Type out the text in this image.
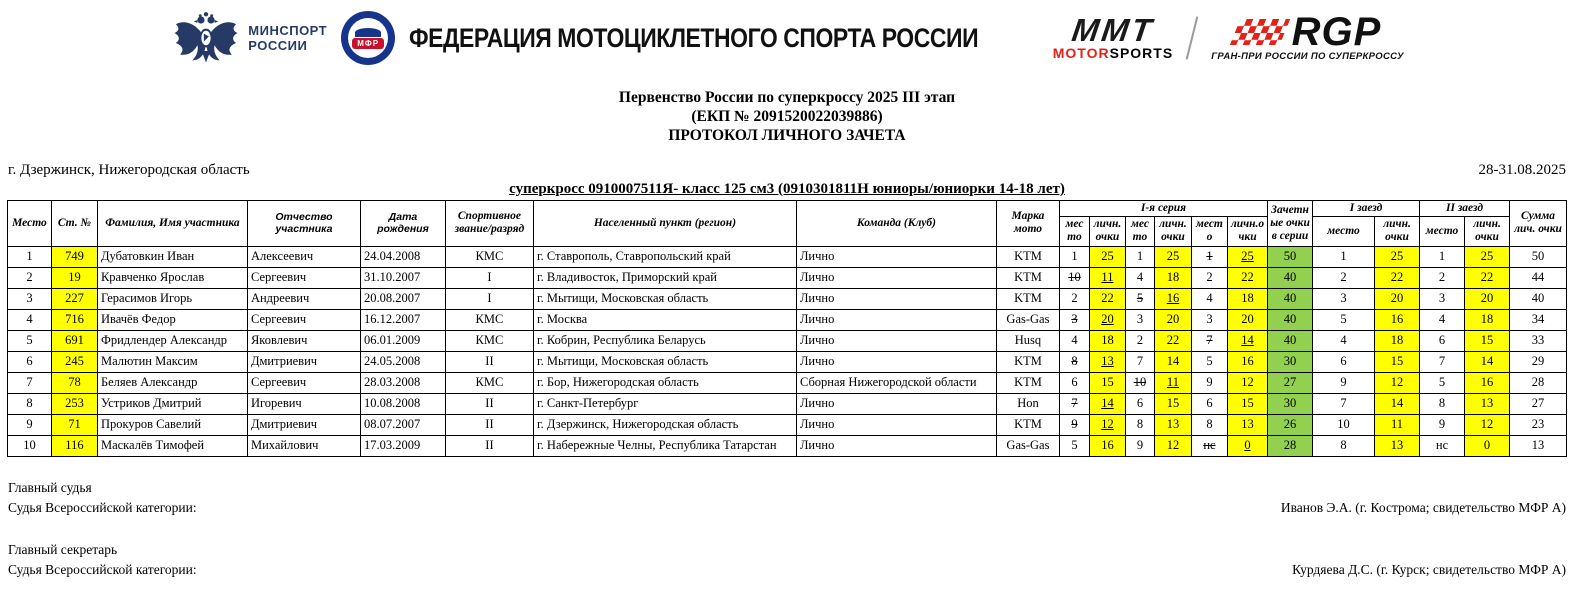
МИНСПОРТ
РОССИИ	МФР ФЕДЕРАЦИЯ МОТОЦИКЛЕТНОГО СПОРТА РОССИИ	MMT
MOTORSPORTS	RGP
ГРАН-ПРИ РОССИИ ПО СУПЕРКРОССУ
Первенство России по суперкроссу 2025 III этап
(ЕКП № 2091520022039886)
ПРОТОКОЛ ЛИЧНОГО ЗАЧЕТА
г. Дзержинск, Нижегородская область	28-31.08.2025
суперкросс 0910007511Я- класс 125 см3 (0910301811Н юниоры/юниорки 14-18 лет)
Место	Ст. №	Фамилия, Имя участника	Отчество участника	Дата рождения	Спортивное звание/разряд	Населенный пункт (регион)	Команда (Клуб)	Марка мото	I-я серия						Зачетные очки в серии	I заезд		II заезд		Сумма лич. очки
									место	личн. очки	место	личн. очки	место	личн.очки		место	личн. очки	место	личн. очки	
1	749	Дубатовкин Иван	Алексеевич	24.04.2008	КМС	г. Ставрополь, Ставропольский край	Лично	KTM	1	25	1	25	1	25	50	1	25	1	25	50
2	19	Кравченко Ярослав	Сергеевич	31.10.2007	I	г. Владивосток, Приморский край	Лично	KTM	10	11	4	18	2	22	40	2	22	2	22	44
3	227	Герасимов Игорь	Андреевич	20.08.2007	I	г. Мытищи, Московская область	Лично	KTM	2	22	5	16	4	18	40	3	20	3	20	40
4	716	Ивачёв Федор	Сергеевич	16.12.2007	КМС	г. Москва	Лично	Gas-Gas	3	20	3	20	3	20	40	5	16	4	18	34
5	691	Фридлендер Александр	Яковлевич	06.01.2009	КМС	г. Кобрин, Республика Беларусь	Лично	Husq	4	18	2	22	7	14	40	4	18	6	15	33
6	245	Малютин Максим	Дмитриевич	24.05.2008	II	г. Мытищи, Московская область	Лично	KTM	8	13	7	14	5	16	30	6	15	7	14	29
7	78	Беляев Александр	Сергеевич	28.03.2008	КМС	г. Бор, Нижегородская область	Сборная Нижегородской области	KTM	6	15	10	11	9	12	27	9	12	5	16	28
8	253	Устриков Дмитрий	Игоревич	10.08.2008	II	г. Санкт-Петербург	Лично	Hon	7	14	6	15	6	15	30	7	14	8	13	27
9	71	Прокуров Савелий	Дмитриевич	08.07.2007	II	г. Дзержинск, Нижегородская область	Лично	KTM	9	12	8	13	8	13	26	10	11	9	12	23
10	116	Маскалёв Тимофей	Михайлович	17.03.2009	II	г. Набережные Челны, Республика Татарстан	Лично	Gas-Gas	5	16	9	12	нс	0	28	8	13	нс	0	13
Главный судья
Судья Всероссийской категории:	Иванов Э.А. (г. Кострома; свидетельство МФР А)
Главный секретарь
Судья Всероссийской категории:	Курдяева Д.С. (г. Курск; свидетельство МФР А)
